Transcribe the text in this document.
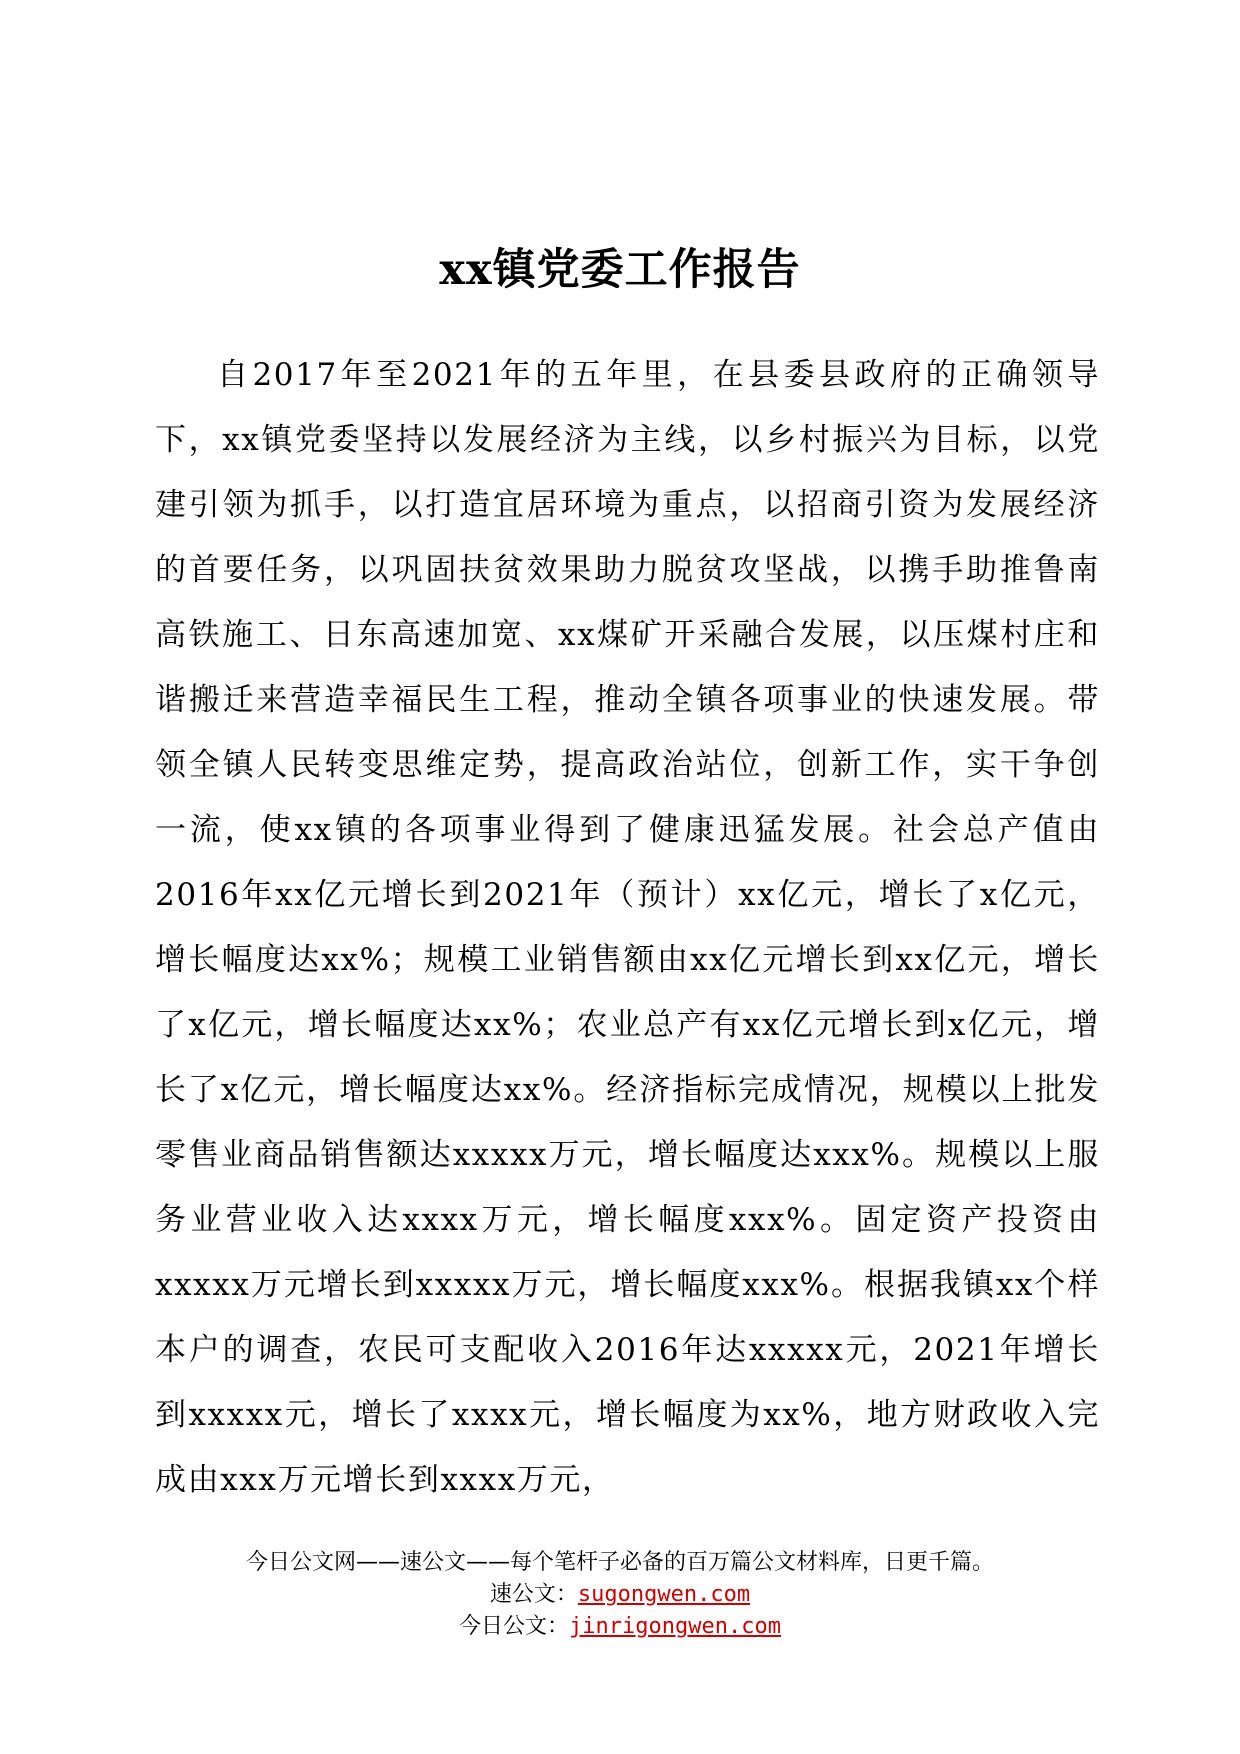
xx镇党委工作报告

自2017年至2021年的五年里，在县委县政府的正确领导下，xx镇党委坚持以发展经济为主线，以乡村振兴为目标，以党建引领为抓手，以打造宜居环境为重点，以招商引资为发展经济的首要任务，以巩固扶贫效果助力脱贫攻坚战，以携手助推鲁南高铁施工、日东高速加宽、xx煤矿开采融合发展，以压煤村庄和谐搬迁来营造幸福民生工程，推动全镇各项事业的快速发展。带领全镇人民转变思维定势，提高政治站位，创新工作，实干争创一流，使xx镇的各项事业得到了健康迅猛发展。社会总产值由2016年xx亿元增长到2021年（预计）xx亿元，增长了x亿元，增长幅度达xx%；规模工业销售额由xx亿元增长到xx亿元，增长了x亿元，增长幅度达xx%；农业总产有xx亿元增长到x亿元，增长了x亿元，增长幅度达xx%。经济指标完成情况，规模以上批发零售业商品销售额达xxxxx万元，增长幅度达xxx%。规模以上服务业营业收入达xxxx万元，增长幅度xxx%。固定资产投资由xxxxx万元增长到xxxxx万元，增长幅度xxx%。根据我镇xx个样本户的调查，农民可支配收入2016年达xxxxx元，2021年增长到xxxxx元，增长了xxxx元，增长幅度为xx%，地方财政收入完成由xxx万元增长到xxxx万元，

今日公文网——速公文——每个笔杆子必备的百万篇公文材料库，日更千篇。
速公文：sugongwen.com
今日公文：jinrigongwen.com
